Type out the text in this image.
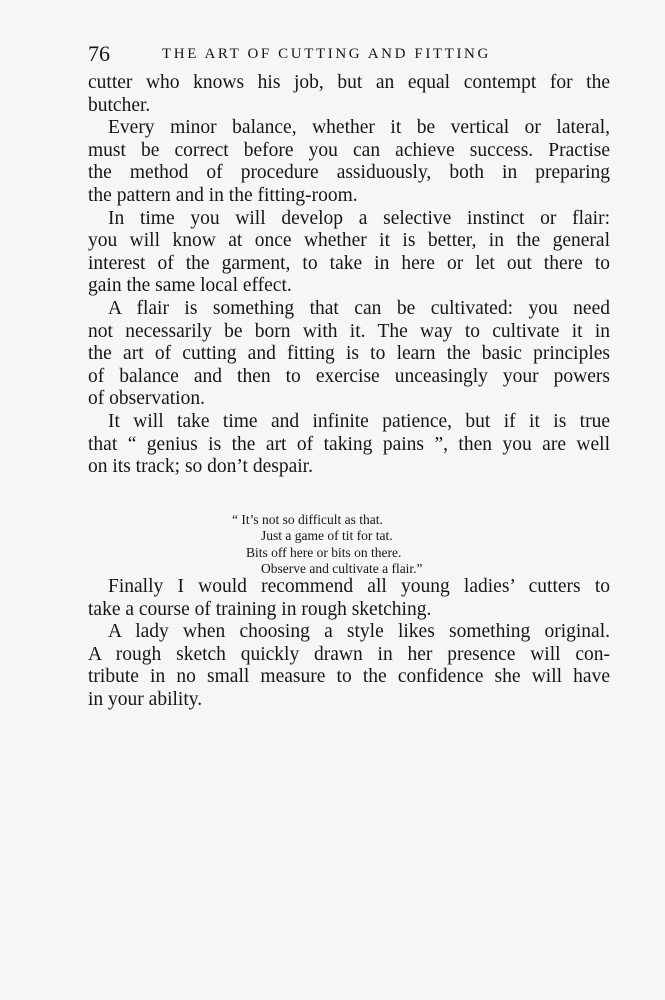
76	THE ART OF CUTTING AND FITTING
cutter who knows his job, but an equal contempt for the
butcher.
Every minor balance, whether it be vertical or lateral,
must be correct before you can achieve success. Practise
the method of procedure assiduously, both in preparing
the pattern and in the fitting-room.
In time you will develop a selective instinct or flair:
you will know at once whether it is better, in the general
interest of the garment, to take in here or let out there to
gain the same local effect.
A flair is something that can be cultivated: you need
not necessarily be born with it. The way to cultivate it in
the art of cutting and fitting is to learn the basic principles
of balance and then to exercise unceasingly your powers
of observation.
It will take time and infinite patience, but if it is true
that “ genius is the art of taking pains ”, then you are well
on its track; so don’t despair.
“ It’s not so difficult as that.
Just a game of tit for tat.
Bits off here or bits on there.
Observe and cultivate a flair.”
Finally I would recommend all young ladies’ cutters to
take a course of training in rough sketching.
A lady when choosing a style likes something original.
A rough sketch quickly drawn in her presence will con-
tribute in no small measure to the confidence she will have
in your ability.
